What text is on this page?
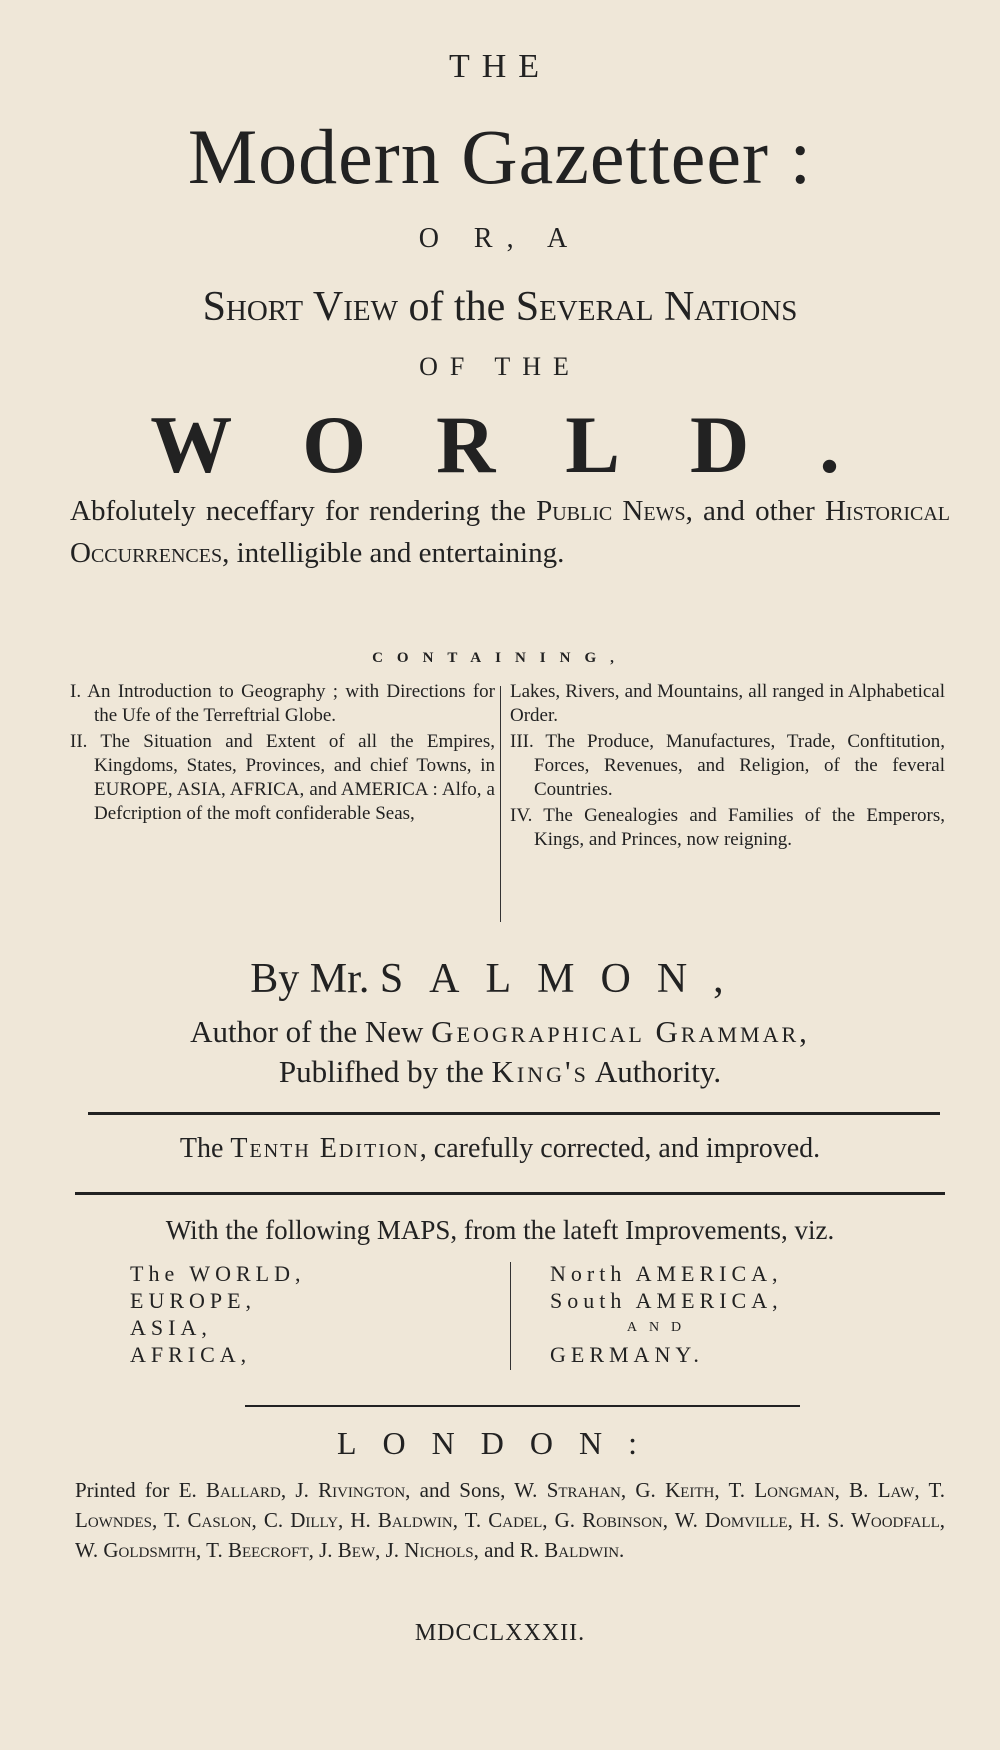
THE
Modern Gazetteer :
O R, A
Short View of the Several Nations
OF THE
WORLD.
Abfolutely neceffary for rendering the Public News, and other Historical Occurrences, intelligible and entertaining.
CONTAINING,
I. An Introduction to Geography ; with Directions for the Ufe of the Terreftrial Globe.
II. The Situation and Extent of all the Empires, Kingdoms, States, Provinces, and chief Towns, in EUROPE, ASIA, AFRICA, and AMERICA : Alfo, a Defcription of the moft confiderable Seas,
Lakes, Rivers, and Mountains, all ranged in Alphabetical Order.
III. The Produce, Manufactures, Trade, Conftitution, Forces, Revenues, and Religion, of the feveral Countries.
IV. The Genealogies and Families of the Emperors, Kings, and Princes, now reigning.
By Mr. SALMON,
Author of the New Geographical Grammar,
Publifhed by the King's Authority.
The Tenth Edition, carefully corrected, and improved.
With the following MAPS, from the lateft Improvements, viz.
The WORLD,
EUROPE,
ASIA,
AFRICA,
North AMERICA,
South AMERICA,
AND
GERMANY.
LONDON:
Printed for E. Ballard, J. Rivington, and Sons, W. Strahan, G. Keith, T. Longman, B. Law, T. Lowndes, T. Caslon, C. Dilly, H. Baldwin, T. Cadel, G. Robinson, W. Domville, H. S. Woodfall, W. Goldsmith, T. Beecroft, J. Bew, J. Nichols, and R. Baldwin.
MDCCLXXXII.
